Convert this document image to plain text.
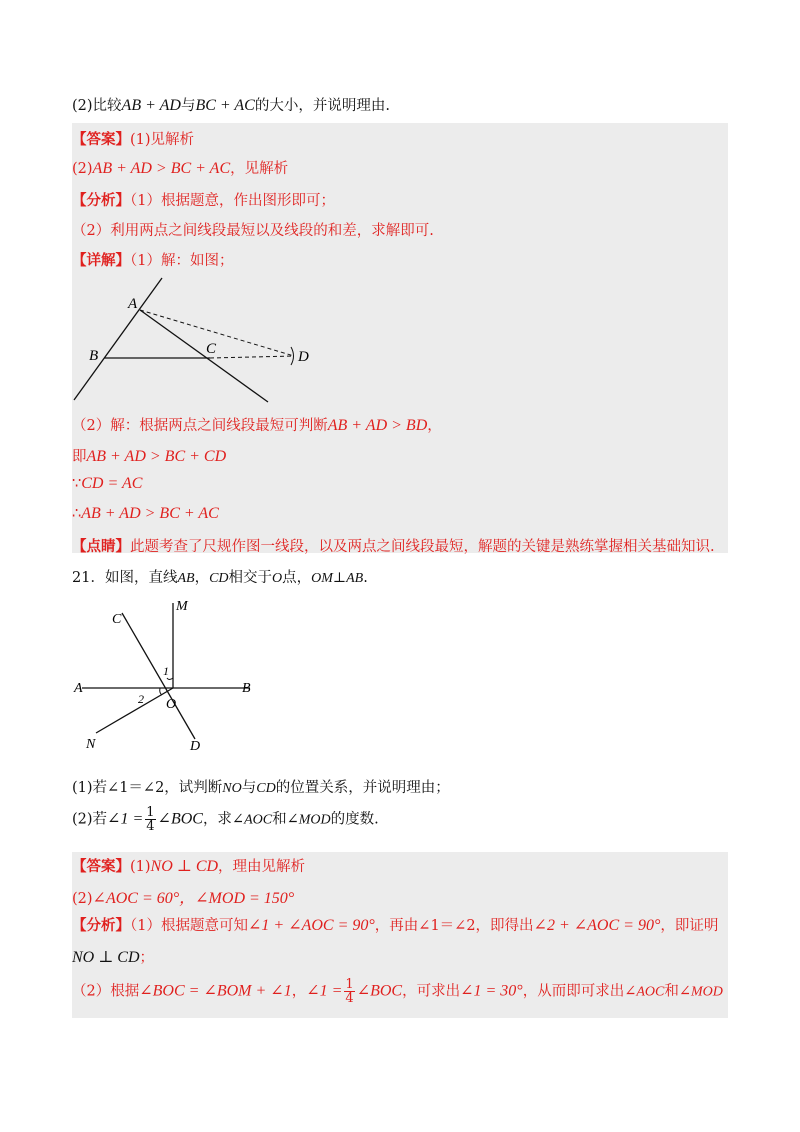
(2)比较AB + AD与BC + AC的大小，并说明理由.
【答案】(1)见解析
(2)AB + AD > BC + AC，见解析
【分析】（1）根据题意，作出图形即可；
（2）利用两点之间线段最短以及线段的和差，求解即可.
【详解】（1）解：如图；
A
B	C	D
（2）解：根据两点之间线段最短可判断AB + AD > BD，
即AB + AD > BC + CD
∵CD = AC
∴AB + AD > BC + AC
【点睛】此题考查了尺规作图一线段，以及两点之间线段最短，解题的关键是熟练掌握相关基础知识.
21．如图，直线AB，CD相交于O点，OM⊥AB.
M
C
A	B
O
N	D
1
2
(1)若∠1＝∠2，试判断NO与CD的位置关系，并说明理由；
(2)若∠1 = $\frac{1}{4}$ ∠BOC，求∠AOC和∠MOD的度数.
【答案】(1)NO ⊥ CD，理由见解析
(2)∠AOC = 60°，∠MOD = 150°
【分析】（1）根据题意可知∠1 + ∠AOC = 90°，再由∠1＝∠2，即得出∠2 + ∠AOC = 90°，即证明
NO ⊥ CD；
（2）根据∠BOC = ∠BOM + ∠1，∠1 = $\frac{1}{4}$ ∠BOC，可求出∠1 = 30°，从而即可求出∠AOC和∠MOD
